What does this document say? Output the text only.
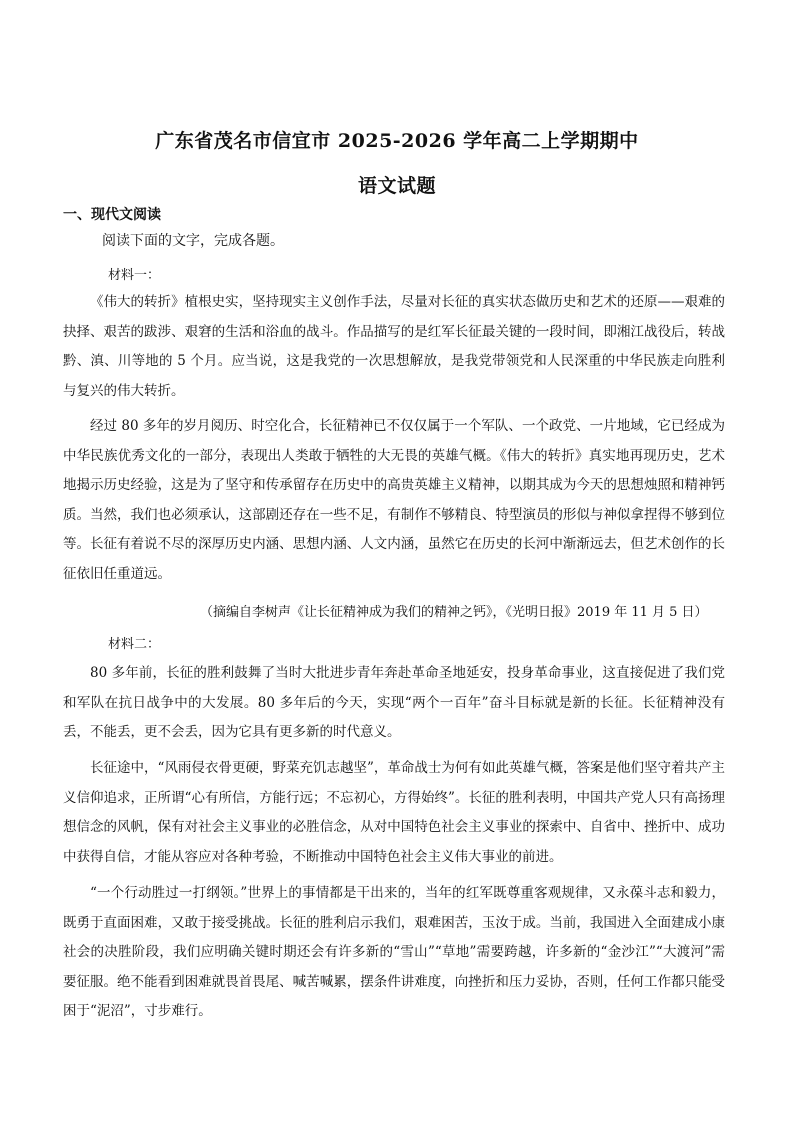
广东省茂名市信宜市 2025-2026 学年高二上学期期中
语文试题
一、现代文阅读
阅读下面的文字，完成各题。
材料一：

《伟大的转折》植根史实，坚持现实主义创作手法，尽量对长征的真实状态做历史和艺术的还原——艰难的抉择、艰苦的跋涉、艰窘的生活和浴血的战斗。作品描写的是红军长征最关键的一段时间，即湘江战役后，转战黔、滇、川等地的 5 个月。应当说，这是我党的一次思想解放，是我党带领党和人民深重的中华民族走向胜利与复兴的伟大转折。

经过 80 多年的岁月阅历、时空化合，长征精神已不仅仅属于一个军队、一个政党、一片地域，它已经成为中华民族优秀文化的一部分，表现出人类敢于牺牲的大无畏的英雄气概。《伟大的转折》真实地再现历史，艺术地揭示历史经验，这是为了坚守和传承留存在历史中的高贵英雄主义精神，以期其成为今天的思想烛照和精神钙质。当然，我们也必须承认，这部剧还存在一些不足，有制作不够精良、特型演员的形似与神似拿捏得不够到位等。长征有着说不尽的深厚历史内涵、思想内涵、人文内涵，虽然它在历史的长河中渐渐远去，但艺术创作的长征依旧任重道远。

（摘编自李树声《让长征精神成为我们的精神之钙》，《光明日报》2019 年 11 月 5 日）
材料二：

80 多年前，长征的胜利鼓舞了当时大批进步青年奔赴革命圣地延安，投身革命事业，这直接促进了我们党和军队在抗日战争中的大发展。80 多年后的今天，实现“两个一百年”奋斗目标就是新的长征。长征精神没有丢，不能丢，更不会丢，因为它具有更多新的时代意义。

长征途中，“风雨侵衣骨更硬，野菜充饥志越坚”，革命战士为何有如此英雄气概，答案是他们坚守着共产主义信仰追求，正所谓“心有所信，方能行远；不忘初心，方得始终”。长征的胜利表明，中国共产党人只有高扬理想信念的风帆，保有对社会主义事业的必胜信念，从对中国特色社会主义事业的探索中、自省中、挫折中、成功中获得自信，才能从容应对各种考验，不断推动中国特色社会主义伟大事业的前进。

“一个行动胜过一打纲领。”世界上的事情都是干出来的，当年的红军既尊重客观规律，又永葆斗志和毅力，既勇于直面困难，又敢于接受挑战。长征的胜利启示我们，艰难困苦，玉汝于成。当前，我国进入全面建成小康社会的决胜阶段，我们应明确关键时期还会有许多新的“雪山”“草地”需要跨越，许多新的“金沙江”“大渡河”需要征服。绝不能看到困难就畏首畏尾、喊苦喊累，摆条件讲难度，向挫折和压力妥协，否则，任何工作都只能受困于“泥沼”，寸步难行。
